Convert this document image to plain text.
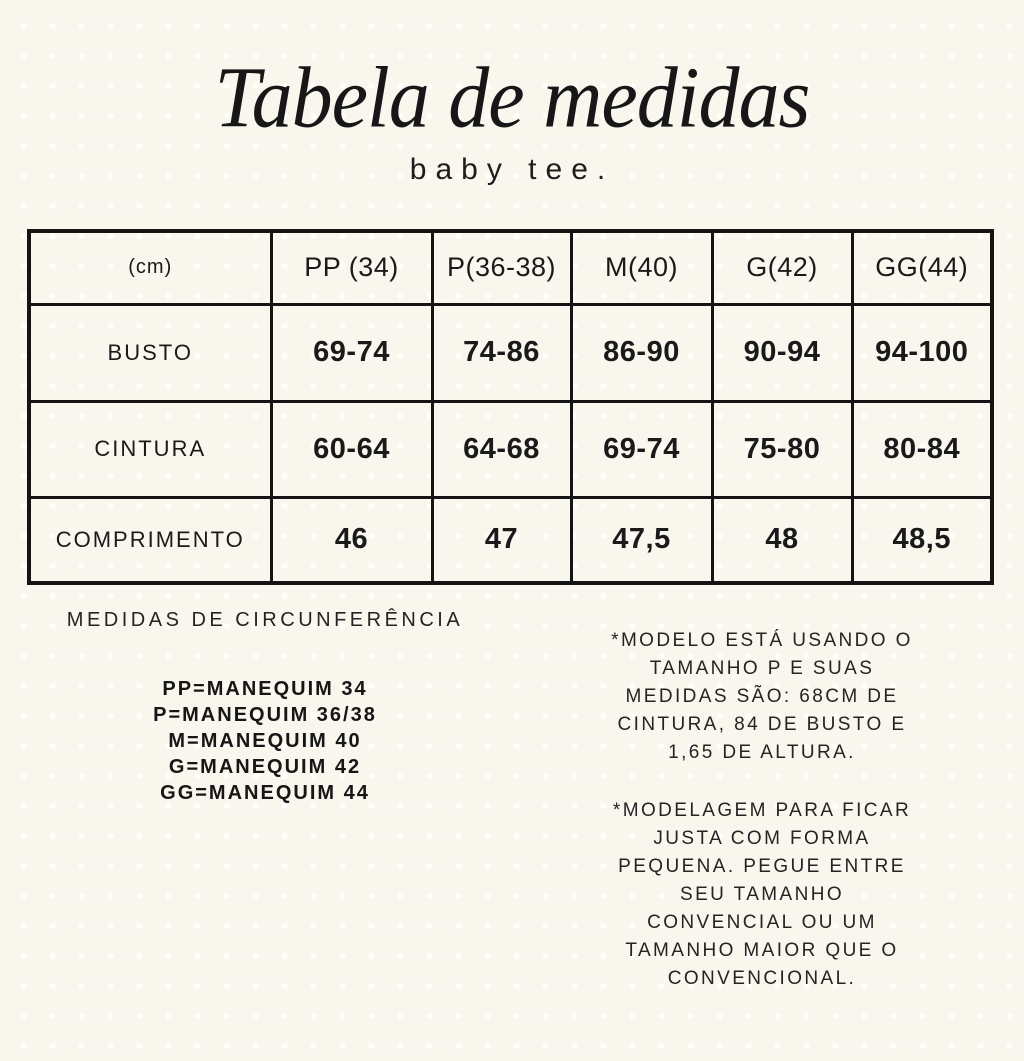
Tabela de medidas
baby tee.
(cm)	PP (34)	P(36-38)	M(40)	G(42)	GG(44)
BUSTO	69-74	74-86	86-90	90-94	94-100
CINTURA	60-64	64-68	69-74	75-80	80-84
COMPRIMENTO	46	47	47,5	48	48,5
MEDIDAS DE CIRCUNFERÊNCIA
PP=MANEQUIM 34
P=MANEQUIM 36/38
M=MANEQUIM 40
G=MANEQUIM 42
GG=MANEQUIM 44
*MODELO ESTÁ USANDO O
TAMANHO P E SUAS
MEDIDAS SÃO: 68CM DE
CINTURA, 84 DE BUSTO E
1,65 DE ALTURA.
*MODELAGEM PARA FICAR
JUSTA COM FORMA
PEQUENA. PEGUE ENTRE
SEU TAMANHO
CONVENCIAL OU UM
TAMANHO MAIOR QUE O
CONVENCIONAL.
